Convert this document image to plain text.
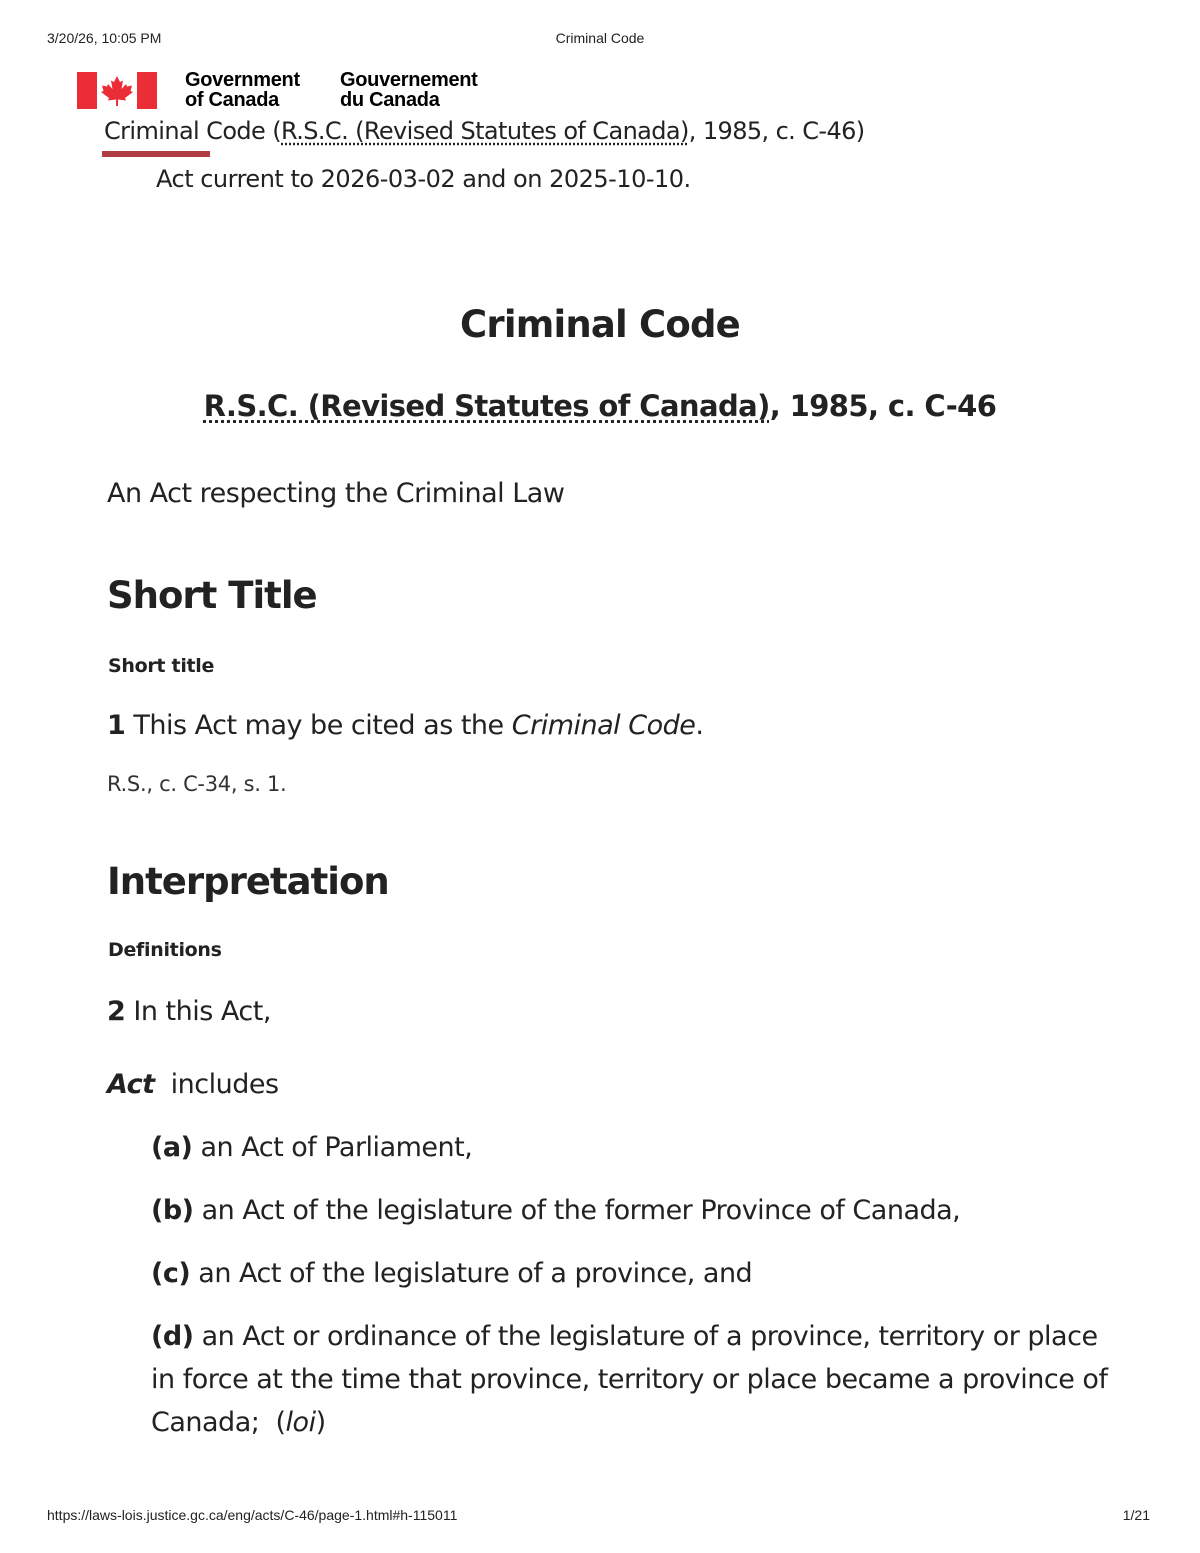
3/20/26, 10:05 PM	Criminal Code
Government
of Canada
Gouvernement
du Canada
Criminal Code (R.S.C. (Revised Statutes of Canada), 1985, c. C-46)
Act current to 2026-03-02 and on 2025-10-10.
Criminal Code
R.S.C. (Revised Statutes of Canada), 1985, c. C-46
An Act respecting the Criminal Law
Short Title
Short title
1 This Act may be cited as the Criminal Code.
R.S., c. C-34, s. 1.
Interpretation
Definitions
2 In this Act,
Act  includes
(a) an Act of Parliament,
(b) an Act of the legislature of the former Province of Canada,
(c) an Act of the legislature of a province, and
(d) an Act or ordinance of the legislature of a province, territory or place in force at the time that province, territory or place became a province of Canada;  (loi)
https://laws-lois.justice.gc.ca/eng/acts/C-46/page-1.html#h-115011	1/21
